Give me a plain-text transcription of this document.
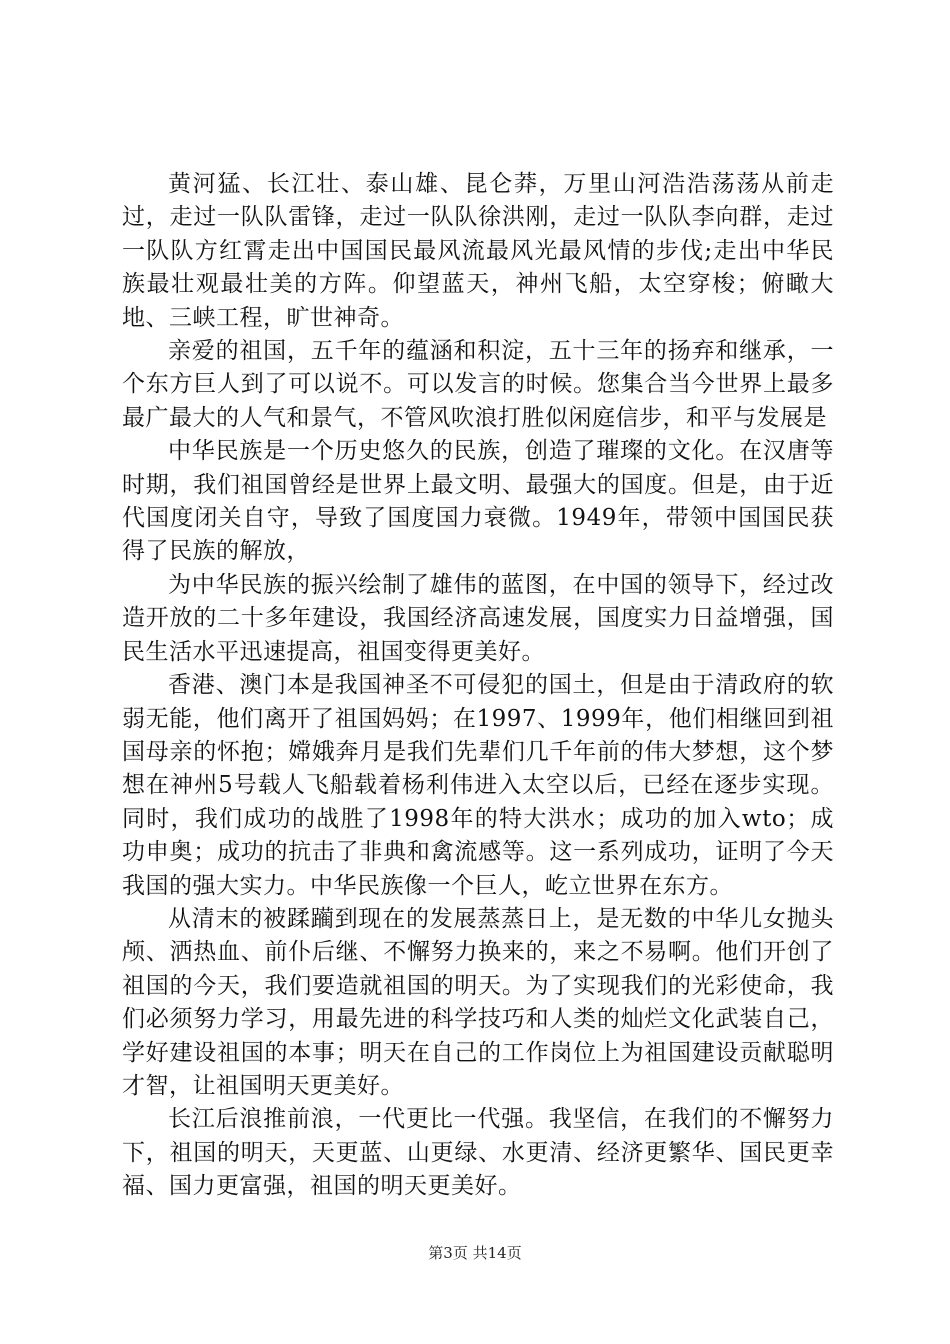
黄河猛、长江壮、泰山雄、昆仑莽，万里山河浩浩荡荡从前走过，走过一队队雷锋，走过一队队徐洪刚，走过一队队李向群，走过一队队方红霄走出中国国民最风流最风光最风情的步伐;走出中华民族最壮观最壮美的方阵。仰望蓝天，神州飞船，太空穿梭；俯瞰大地、三峡工程，旷世神奇。

亲爱的祖国，五千年的蕴涵和积淀，五十三年的扬弃和继承，一个东方巨人到了可以说不。可以发言的时候。您集合当今世界上最多最广最大的人气和景气，不管风吹浪打胜似闲庭信步，和平与发展是

中华民族是一个历史悠久的民族，创造了璀璨的文化。在汉唐等时期，我们祖国曾经是世界上最文明、最强大的国度。但是，由于近代国度闭关自守，导致了国度国力衰微。1949年，带领中国国民获得了民族的解放，

为中华民族的振兴绘制了雄伟的蓝图，在中国的领导下，经过改造开放的二十多年建设，我国经济高速发展，国度实力日益增强，国民生活水平迅速提高，祖国变得更美好。

香港、澳门本是我国神圣不可侵犯的国土，但是由于清政府的软弱无能，他们离开了祖国妈妈；在1997、1999年，他们相继回到祖国母亲的怀抱；嫦娥奔月是我们先辈们几千年前的伟大梦想，这个梦想在神州5号载人飞船载着杨利伟进入太空以后，已经在逐步实现。同时，我们成功的战胜了1998年的特大洪水；成功的加入wto；成功申奥；成功的抗击了非典和禽流感等。这一系列成功，证明了今天我国的强大实力。中华民族像一个巨人，屹立世界在东方。

从清末的被蹂躏到现在的发展蒸蒸日上，是无数的中华儿女抛头颅、洒热血、前仆后继、不懈努力换来的，来之不易啊。他们开创了祖国的今天，我们要造就祖国的明天。为了实现我们的光彩使命，我们必须努力学习，用最先进的科学技巧和人类的灿烂文化武装自己，学好建设祖国的本事；明天在自己的工作岗位上为祖国建设贡献聪明才智，让祖国明天更美好。

长江后浪推前浪，一代更比一代强。我坚信，在我们的不懈努力下，祖国的明天，天更蓝、山更绿、水更清、经济更繁华、国民更幸福、国力更富强，祖国的明天更美好。

第3页 共14页
